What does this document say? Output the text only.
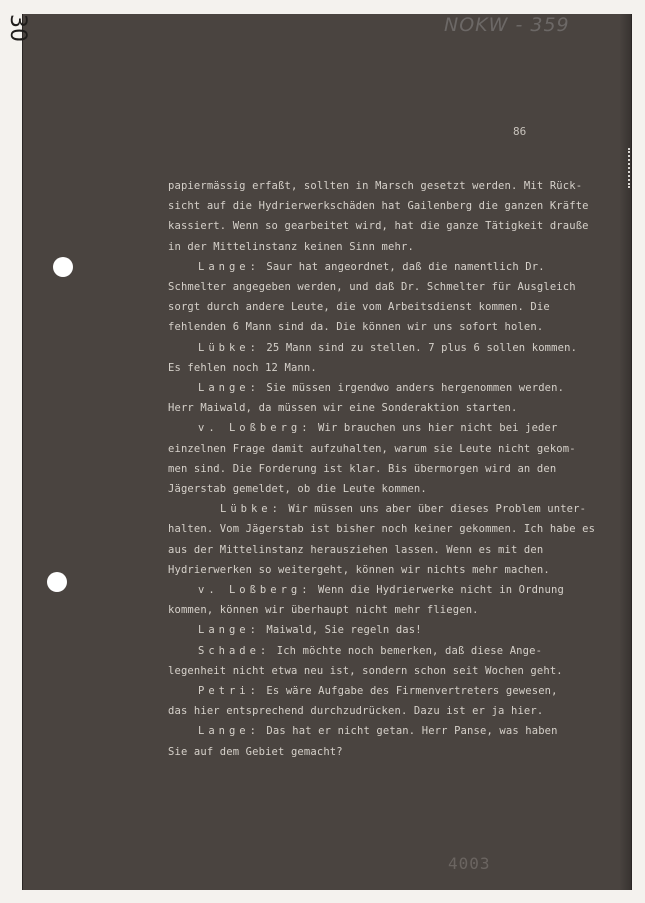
30	NOKW - 359
86
papiermässig erfaßt, sollten in Marsch gesetzt werden. Mit Rück-
sicht auf die Hydrierwerkschäden hat Gailenberg die ganzen Kräfte
kassiert. Wenn so gearbeitet wird, hat die ganze Tätigkeit drauße
in der Mittelinstanz keinen Sinn mehr.
Lange: Saur hat angeordnet, daß die namentlich Dr.
Schmelter angegeben werden, und daß Dr. Schmelter für Ausgleich
sorgt durch andere Leute, die vom Arbeitsdienst kommen. Die
fehlenden 6 Mann sind da. Die können wir uns sofort holen.
Lübke: 25 Mann sind zu stellen. 7 plus 6 sollen kommen.
Es fehlen noch 12 Mann.
Lange: Sie müssen irgendwo anders hergenommen werden.
Herr Maiwald, da müssen wir eine Sonderaktion starten.
v. Loßberg: Wir brauchen uns hier nicht bei jeder
einzelnen Frage damit aufzuhalten, warum sie Leute nicht gekom-
men sind. Die Forderung ist klar. Bis übermorgen wird an den
Jägerstab gemeldet, ob die Leute kommen.
Lübke: Wir müssen uns aber über dieses Problem unter-
halten. Vom Jägerstab ist bisher noch keiner gekommen. Ich habe es
aus der Mittelinstanz herausziehen lassen. Wenn es mit den
Hydrierwerken so weitergeht, können wir nichts mehr machen.
v. Loßberg: Wenn die Hydrierwerke nicht in Ordnung
kommen, können wir überhaupt nicht mehr fliegen.
Lange: Maiwald, Sie regeln das!
Schade: Ich möchte noch bemerken, daß diese Ange-
legenheit nicht etwa neu ist, sondern schon seit Wochen geht.
Petri: Es wäre Aufgabe des Firmenvertreters gewesen,
das hier entsprechend durchzudrücken. Dazu ist er ja hier.
Lange: Das hat er nicht getan. Herr Panse, was haben
Sie auf dem Gebiet gemacht?
4003
